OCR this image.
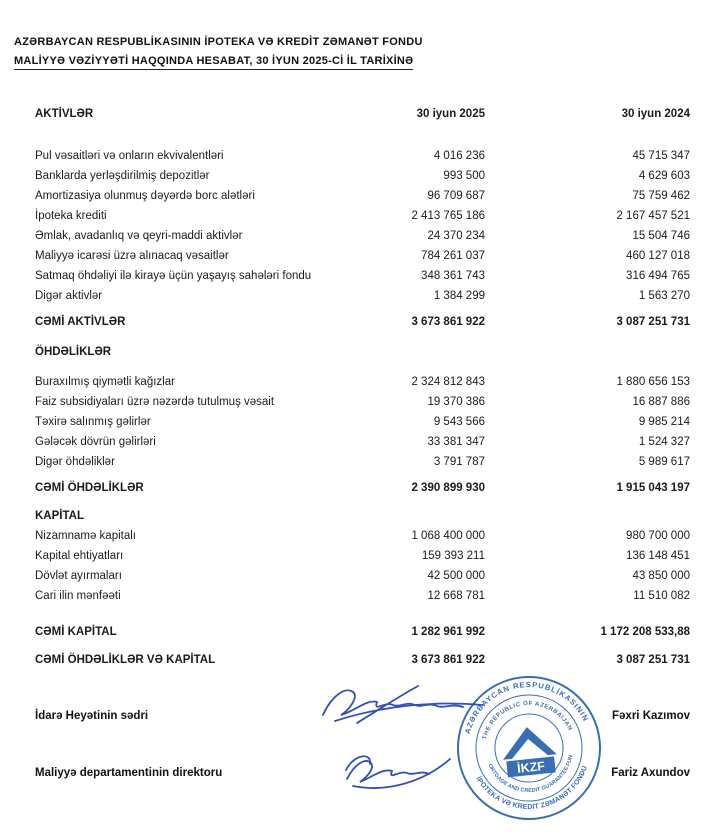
AZƏRBAYCAN RESPUBLİKASININ İPOTEKA VƏ KREDİT ZƏMANƏT FONDU
MALİYYƏ VƏZİYYƏTİ HAQQINDA HESABAT, 30 İYUN 2025-Cİ İL TARİXİNƏ
AKTİVLƏR	30 iyun 2025	30 iyun 2024
Pul vəsaitləri və onların ekvivalentləri	4 016 236	45 715 347
Banklarda yerləşdirilmiş depozitlər	993 500	4 629 603
Amortizasiya olunmuş dəyərdə borc alətləri	96 709 687	75 759 462
İpoteka krediti	2 413 765 186	2 167 457 521
Əmlak, avadanlıq və qeyri-maddi aktivlər	24 370 234	15 504 746
Maliyyə icarəsi üzrə alınacaq vəsaitlər	784 261 037	460 127 018
Satmaq öhdəliyi ilə kirayə üçün yaşayış sahələri fondu	348 361 743	316 494 765
Digər aktivlər	1 384 299	1 563 270
CƏMİ AKTİVLƏR	3 673 861 922	3 087 251 731
ÖHDƏLİKLƏR
Buraxılmış qiymətli kağızlar	2 324 812 843	1 880 656 153
Faiz subsidiyaları üzrə nəzərdə tutulmuş vəsait	19 370 386	16 887 886
Təxirə salınmış gəlirlər	9 543 566	9 985 214
Gələcək dövrün gəlirləri	33 381 347	1 524 327
Digər öhdəliklər	3 791 787	5 989 617
CƏMİ ÖHDƏLİKLƏR	2 390 899 930	1 915 043 197
KAPİTAL
Nizamnamə kapitalı	1 068 400 000	980 700 000
Kapital ehtiyatları	159 393 211	136 148 451
Dövlət ayırmaları	42 500 000	43 850 000
Cari ilin mənfəəti	12 668 781	11 510 082
CƏMİ KAPİTAL	1 282 961 992	1 172 208 533,88
CƏMİ ÖHDƏLİKLƏR VƏ KAPİTAL	3 673 861 922	3 087 251 731
İdarə Heyətinin sədri	Fəxri Kazımov
Maliyyə departamentinin direktoru	Fariz Axundov
AZƏRBAYCAN RESPUBLİKASININ
İPOTEKA VƏ KREDİT ZƏMANƏT FONDU
THE REPUBLIC OF AZERBAIJAN
MORTGAGE AND CREDIT GUARANTEE FUND
İKZF
